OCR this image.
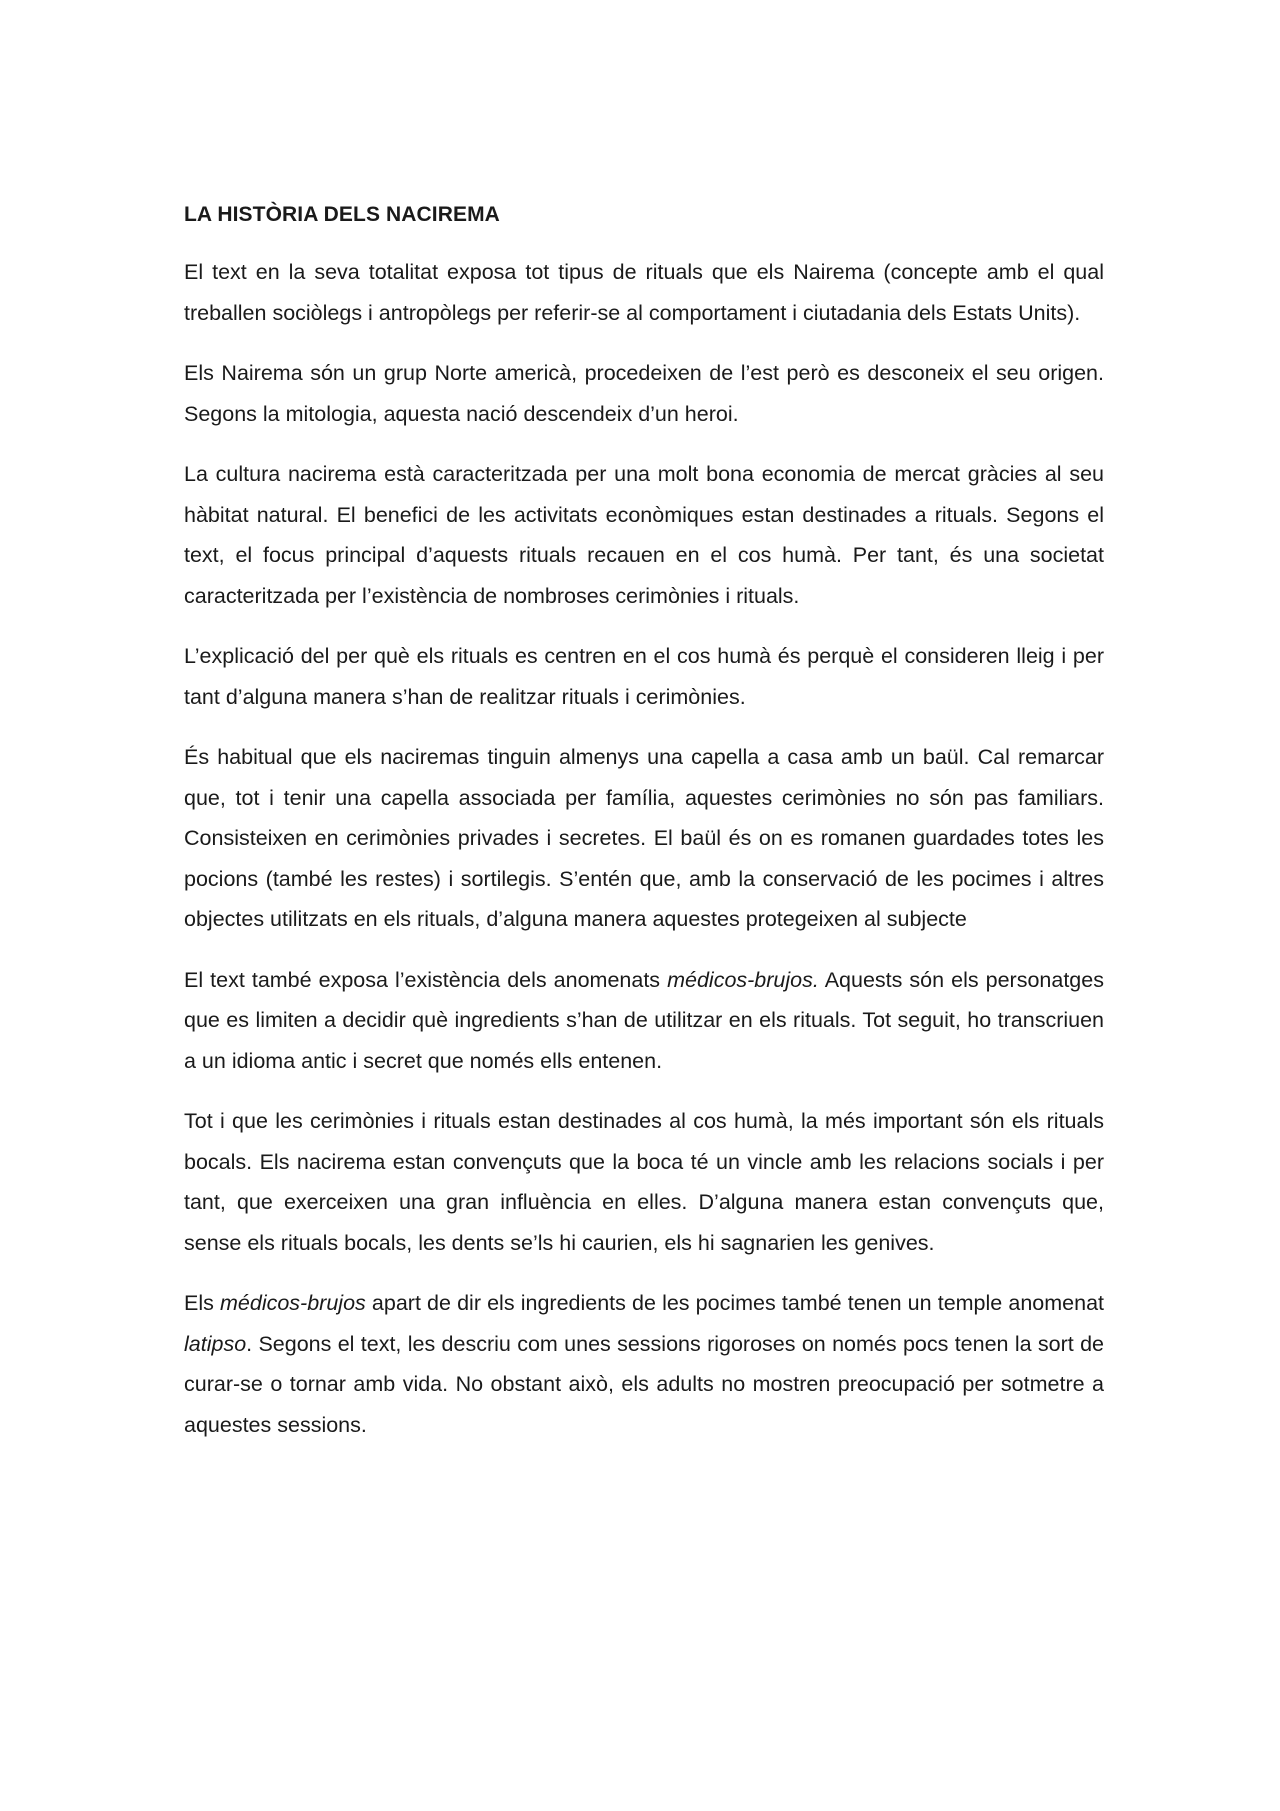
LA HISTÒRIA DELS NACIREMA

El text en la seva totalitat exposa tot tipus de rituals que els Nairema (concepte amb el qual treballen sociòlegs i antropòlegs per referir-se al comportament i ciutadania dels Estats Units).

Els Nairema són un grup Norte americà, procedeixen de l’est però es desconeix el seu origen. Segons la mitologia, aquesta nació descendeix d’un heroi.

La cultura nacirema està caracteritzada per una molt bona economia de mercat gràcies al seu hàbitat natural. El benefici de les activitats econòmiques estan destinades a rituals. Segons el text, el focus principal d’aquests rituals recauen en el cos humà. Per tant, és una societat caracteritzada per l’existència de nombroses cerimònies i rituals.

L’explicació del per què els rituals es centren en el cos humà és perquè el consideren lleig i per tant d’alguna manera s’han de realitzar rituals i cerimònies.

És habitual que els naciremas tinguin almenys una capella a casa amb un baül. Cal remarcar que, tot i tenir una capella associada per família, aquestes cerimònies no són pas familiars. Consisteixen en cerimònies privades i secretes. El baül és on es romanen guardades totes les pocions (també les restes) i sortilegis. S’entén que, amb la conservació de les pocimes i altres objectes utilitzats en els rituals, d’alguna manera aquestes protegeixen al subjecte

El text també exposa l’existència dels anomenats médicos-brujos. Aquests són els personatges que es limiten a decidir què ingredients s’han de utilitzar en els rituals. Tot seguit, ho transcriuen a un idioma antic i secret que només ells entenen.

Tot i que les cerimònies i rituals estan destinades al cos humà, la més important són els rituals bocals. Els nacirema estan convençuts que la boca té un vincle amb les relacions socials i per tant, que exerceixen una gran influència en elles. D’alguna manera estan convençuts que, sense els rituals bocals, les dents se’ls hi caurien, els hi sagnarien les genives.

Els médicos-brujos apart de dir els ingredients de les pocimes també tenen un temple anomenat latipso. Segons el text, les descriu com unes sessions rigoroses on només pocs tenen la sort de curar-se o tornar amb vida. No obstant això, els adults no mostren preocupació per sotmetre a aquestes sessions.
